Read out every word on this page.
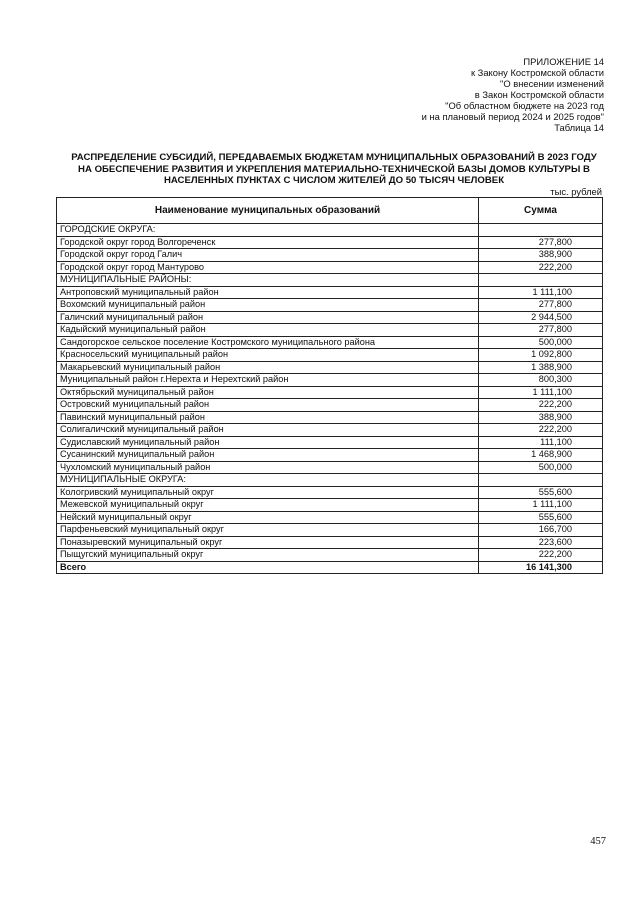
ПРИЛОЖЕНИЕ 14
к Закону Костромской области
"О внесении изменений
в Закон Костромской области
"Об областном бюджете на 2023 год
и на плановый период 2024 и 2025 годов"
Таблица 14
РАСПРЕДЕЛЕНИЕ СУБСИДИЙ, ПЕРЕДАВАЕМЫХ БЮДЖЕТАМ МУНИЦИПАЛЬНЫХ ОБРАЗОВАНИЙ В 2023 ГОДУ
НА ОБЕСПЕЧЕНИЕ РАЗВИТИЯ И УКРЕПЛЕНИЯ МАТЕРИАЛЬНО-ТЕХНИЧЕСКОЙ БАЗЫ ДОМОВ КУЛЬТУРЫ В
НАСЕЛЕННЫХ ПУНКТАХ С ЧИСЛОМ ЖИТЕЛЕЙ ДО 50 ТЫСЯЧ ЧЕЛОВЕК
тыс. рублей
Наименование муниципальных образований	Сумма
ГОРОДСКИЕ ОКРУГА:	
Городской округ город Волгореченск	277,800
Городской округ город Галич	388,900
Городской округ город Мантурово	222,200
МУНИЦИПАЛЬНЫЕ РАЙОНЫ:	
Антроповский муниципальный район	1 111,100
Вохомский муниципальный район	277,800
Галичский муниципальный район	2 944,500
Кадыйский муниципальный район	277,800
Сандогорское сельское поселение Костромского муниципального района	500,000
Красносельский муниципальный район	1 092,800
Макарьевский муниципальный район	1 388,900
Муниципальный район г.Нерехта и Нерехтский район	800,300
Октябрьский муниципальный район	1 111,100
Островский муниципальный район	222,200
Павинский муниципальный район	388,900
Солигаличский муниципальный район	222,200
Судиславский муниципальный район	111,100
Сусанинский муниципальный район	1 468,900
Чухломский муниципальный район	500,000
МУНИЦИПАЛЬНЫЕ ОКРУГА:	
Кологривский муниципальный округ	555,600
Межевской муниципальный округ	1 111,100
Нейский муниципальный округ	555,600
Парфеньевский муниципальный округ	166,700
Поназыревский муниципальный округ	223,600
Пыщугский муниципальный округ	222,200
Всего	16 141,300
457
